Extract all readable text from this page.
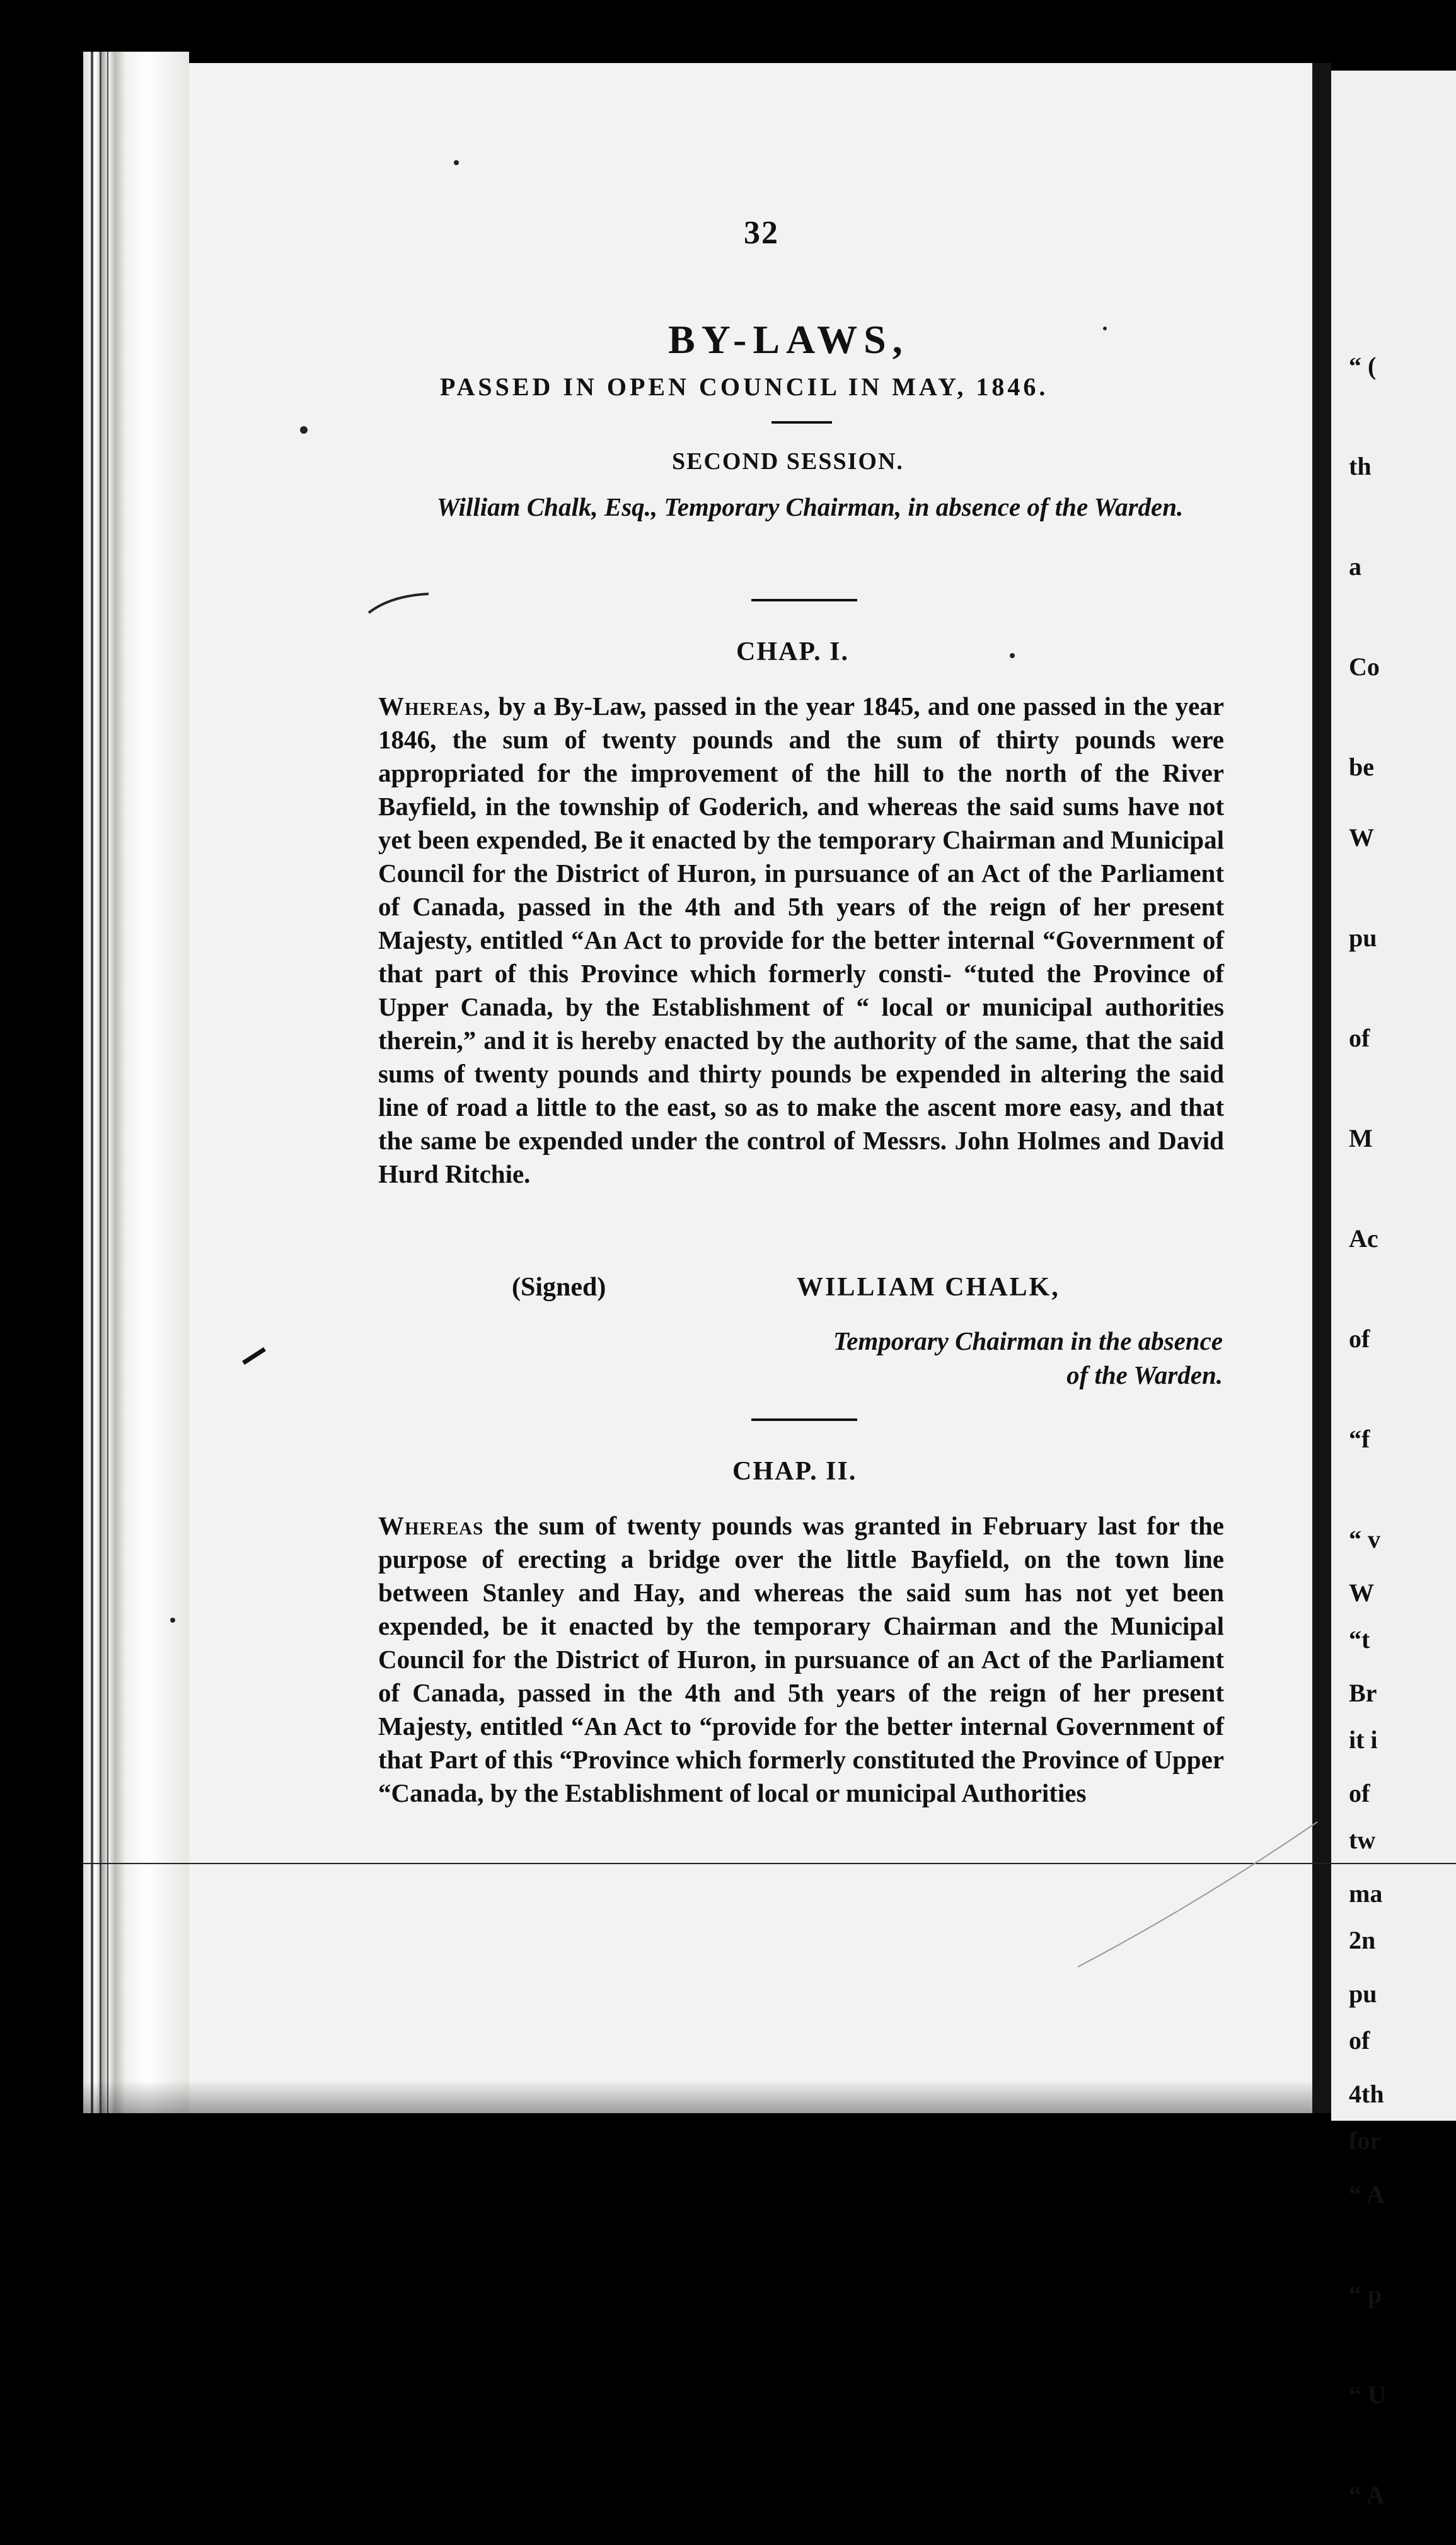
32
BY-LAWS,
PASSED IN OPEN COUNCIL IN MAY, 1846.
SECOND SESSION.
William Chalk, Esq., Temporary Chairman, in absence of the Warden.
CHAP. I.

Whereas, by a By-Law, passed in the year 1845, and one passed in the year 1846, the sum of twenty pounds and the sum of thirty pounds were appropriated for the improvement of the hill to the north of the River Bayfield, in the township of Goderich, and whereas the said sums have not yet been expended, Be it enacted by the temporary Chairman and Municipal Council for the District of Huron, in pursuance of an Act of the Parliament of Canada, passed in the 4th and 5th years of the reign of her present Majesty, entitled “An Act to provide for the better internal “Government of that part of this Province which formerly consti- “tuted the Province of Upper Canada, by the Establishment of “ local or municipal authorities therein,” and it is hereby enacted by the authority of the same, that the said sums of twenty pounds and thirty pounds be expended in altering the said line of road a little to the east, so as to make the ascent more easy, and that the same be expended under the control of Messrs. John Holmes and David Hurd Ritchie.

(Signed)	WILLIAM CHALK,
Temporary Chairman in the absence of the Warden.
CHAP. II.

Whereas the sum of twenty pounds was granted in February last for the purpose of erecting a bridge over the little Bayfield, on the town line between Stanley and Hay, and whereas the said sum has not yet been expended, be it enacted by the temporary Chairman and the Municipal Council for the District of Huron, in pursuance of an Act of the Parliament of Canada, passed in the 4th and 5th years of the reign of her present Majesty, entitled “An Act to “provide for the better internal Government of that Part of this “Province which formerly constituted the Province of Upper “Canada, by the Establishment of local or municipal Authorities

“ (

th

a

Co

be

W

pu

of

M

Ac

of

“f

“ v

“t

it i

tw

2n

of

for

W

Br

of

ma

pu

4th

“ A

“ p

“ U

“ A
